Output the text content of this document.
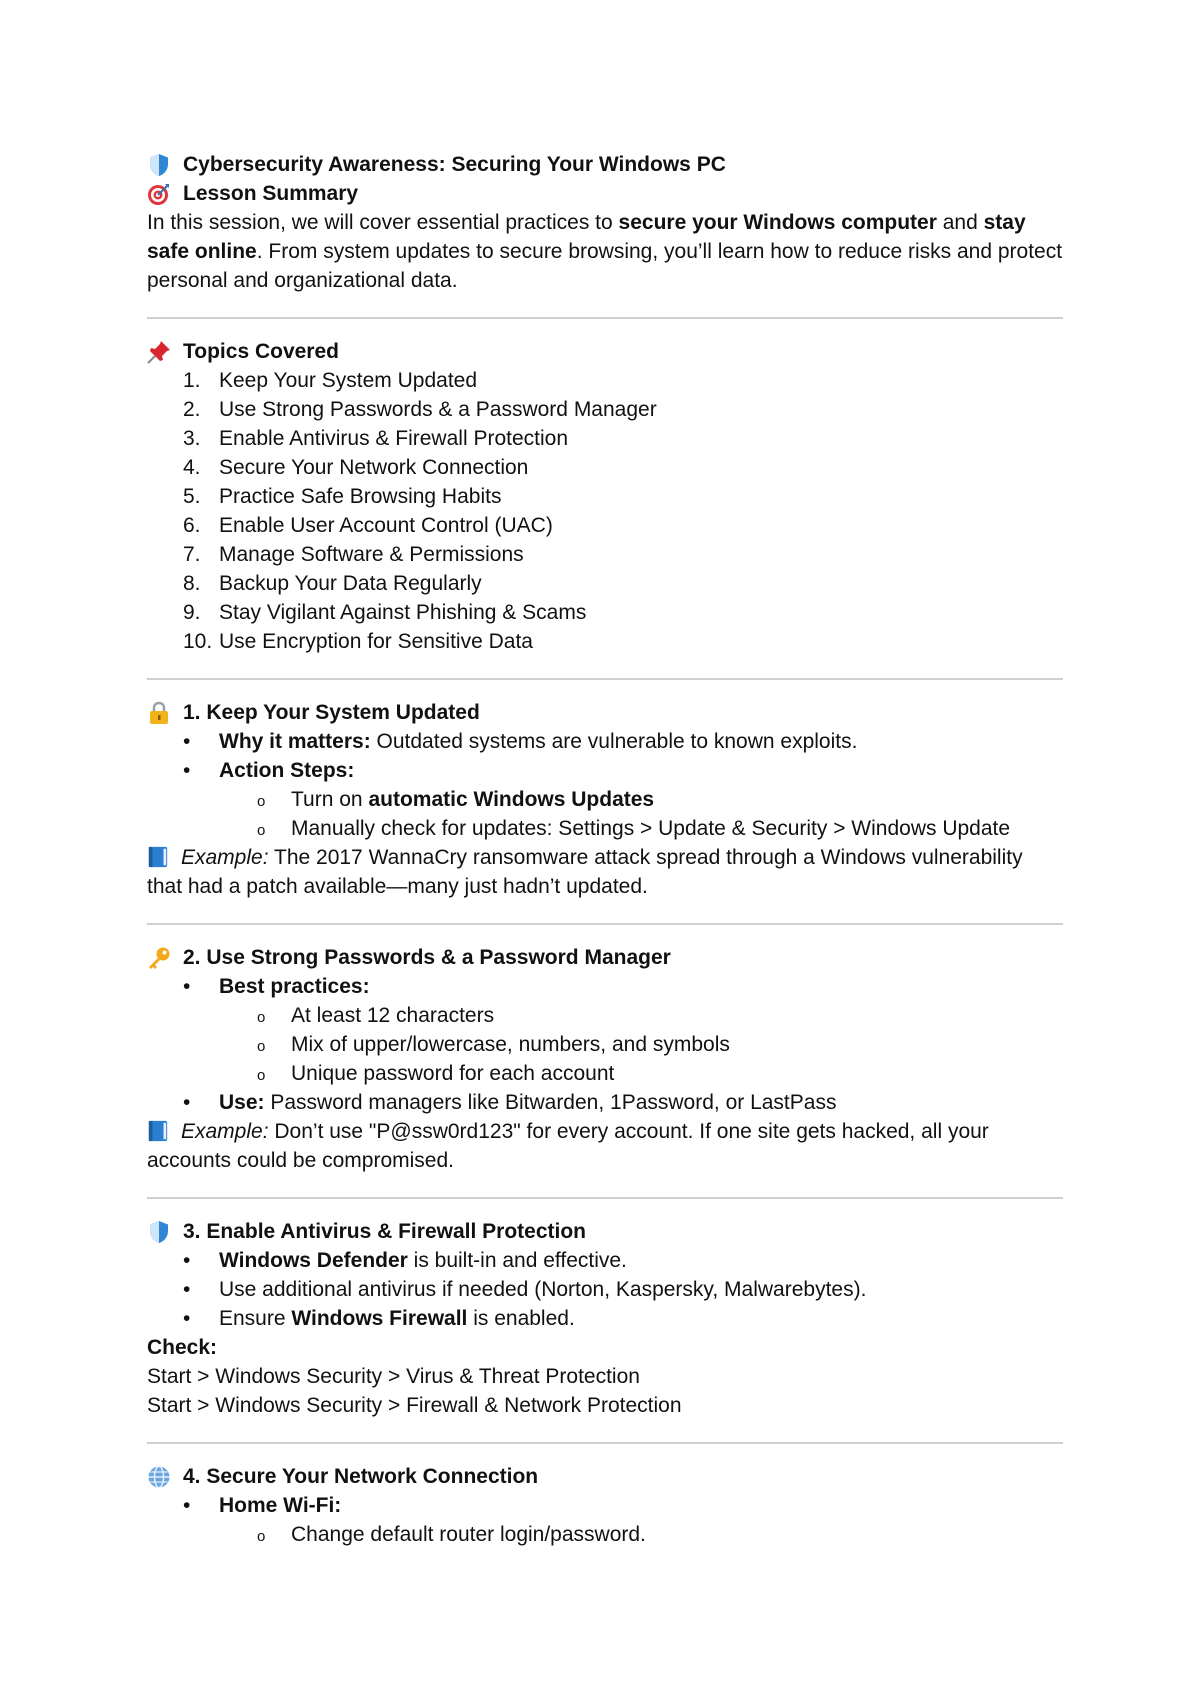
Cybersecurity Awareness: Securing Your Windows PC
Lesson Summary

In this session, we will cover essential practices to secure your Windows computer and stay safe online. From system updates to secure browsing, you’ll learn how to reduce risks and protect personal and organizational data.

Topics Covered
1. Keep Your System Updated
2. Use Strong Passwords & a Password Manager
3. Enable Antivirus & Firewall Protection
4. Secure Your Network Connection
5. Practice Safe Browsing Habits
6. Enable User Account Control (UAC)
7. Manage Software & Permissions
8. Backup Your Data Regularly
9. Stay Vigilant Against Phishing & Scams
10. Use Encryption for Sensitive Data
1. Keep Your System Updated
• Why it matters: Outdated systems are vulnerable to known exploits.
• Action Steps:
o Turn on automatic Windows Updates
o Manually check for updates: Settings > Update & Security > Windows Update

Example: The 2017 WannaCry ransomware attack spread through a Windows vulnerability that had a patch available—many just hadn’t updated.

2. Use Strong Passwords & a Password Manager
• Best practices:
o At least 12 characters
o Mix of upper/lowercase, numbers, and symbols
o Unique password for each account
• Use: Password managers like Bitwarden, 1Password, or LastPass

Example: Don’t use "P@ssw0rd123" for every account. If one site gets hacked, all your accounts could be compromised.

3. Enable Antivirus & Firewall Protection
• Windows Defender is built-in and effective.
• Use additional antivirus if needed (Norton, Kaspersky, Malwarebytes).
• Ensure Windows Firewall is enabled.

Check:

Start > Windows Security > Virus & Threat Protection

Start > Windows Security > Firewall & Network Protection

4. Secure Your Network Connection
• Home Wi-Fi:
o Change default router login/password.
